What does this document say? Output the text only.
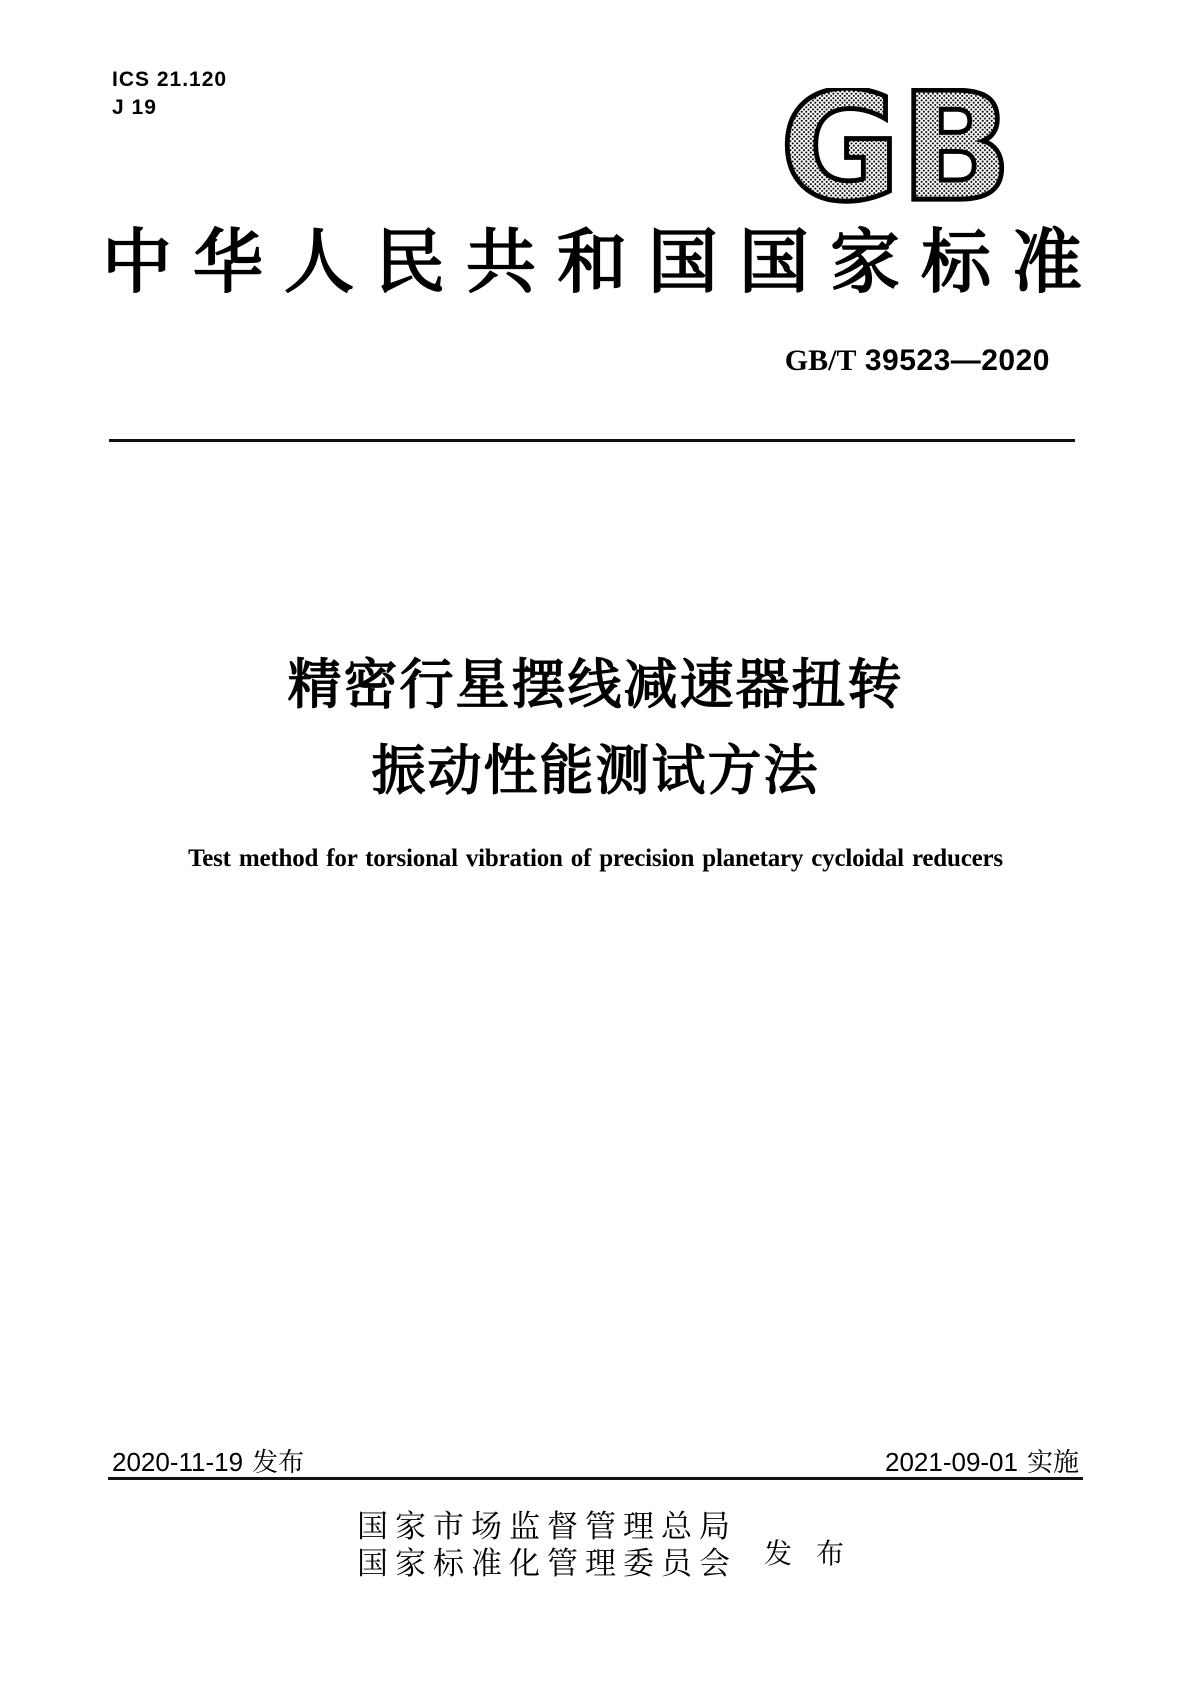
ICS 21.120
J 19	GB
中华人民共和国国家标准
GB/T 39523—2020
精密行星摆线减速器扭转
振动性能测试方法
Test method for torsional vibration of precision planetary cycloidal reducers
2020-11-19 发布	2021-09-01 实施
国家市场监督管理总局
国家标准化管理委员会 发布
